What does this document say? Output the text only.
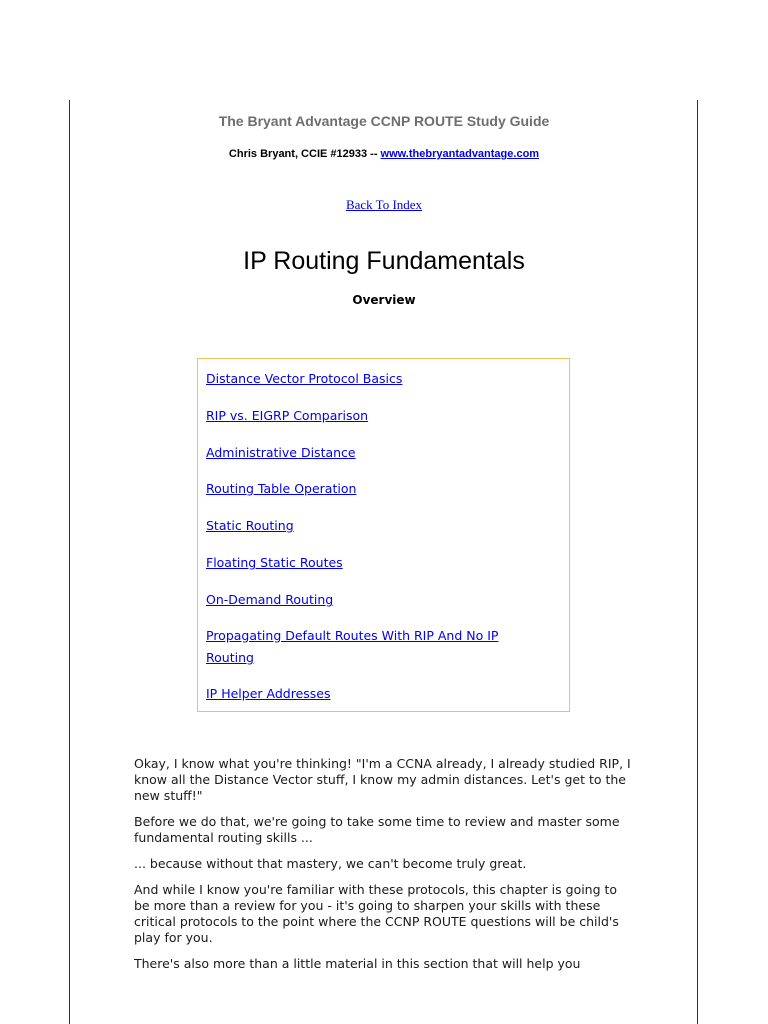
The Bryant Advantage CCNP ROUTE Study Guide
Chris Bryant, CCIE #12933 -- www.thebryantadvantage.com
Back To Index
IP Routing Fundamentals
Overview
Distance Vector Protocol Basics
RIP vs. EIGRP Comparison
Administrative Distance
Routing Table Operation
Static Routing
Floating Static Routes
On-Demand Routing
Propagating Default Routes With RIP And No IP Routing
IP Helper Addresses

Okay, I know what you're thinking! "I'm a CCNA already, I already studied RIP, I know all the Distance Vector stuff, I know my admin distances. Let's get to the new stuff!"

Before we do that, we're going to take some time to review and master some fundamental routing skills ...

... because without that mastery, we can't become truly great.

And while I know you're familiar with these protocols, this chapter is going to be more than a review for you - it's going to sharpen your skills with these critical protocols to the point where the CCNP ROUTE questions will be child's play for you.

There's also more than a little material in this section that will help you
